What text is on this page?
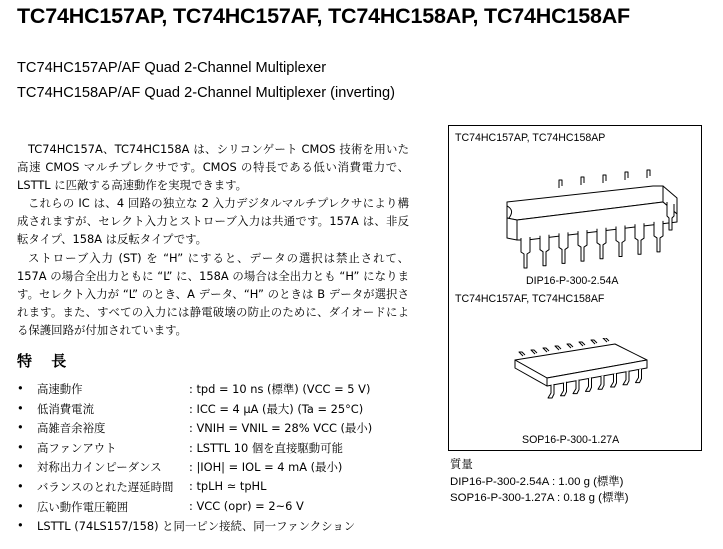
TC74HC157AP, TC74HC157AF, TC74HC158AP, TC74HC158AF
TC74HC157AP/AF Quad 2-Channel Multiplexer
TC74HC158AP/AF Quad 2-Channel Multiplexer (inverting)

TC74HC157A、TC74HC158A は、シリコンゲート CMOS 技術を用いた高速 CMOS マルチプレクサです。CMOS の特長である低い消費電力で、LSTTL に匹敵する高速動作を実現できます。

これらの IC は、4 回路の独立な 2 入力デジタルマルチプレクサにより構成されますが、セレクト入力とストローブ入力は共通です。157A は、非反転タイプ、158A は反転タイプです。

ストローブ入力 (ST) を “H” にすると、データの選択は禁止されて、157A の場合全出力ともに “L” に、158A の場合は全出力とも “H” になります。セレクト入力が “L” のとき、A データ、“H” のときは B データが選択されます。また、すべての入力には静電破壊の防止のために、ダイオードによる保護回路が付加されています。

特 長
• 高速動作	: tpd = 10 ns (標準) (VCC = 5 V)
• 低消費電流	: ICC = 4 μA (最大) (Ta = 25°C)
• 高雑音余裕度	: VNIH = VNIL = 28% VCC (最小)
• 高ファンアウト	: LSTTL 10 個を直接駆動可能
• 対称出力インピーダンス : |IOH| = IOL = 4 mA (最小)
• バランスのとれた遅延時間 : tpLH ≃ tpHL
• 広い動作電圧範囲	: VCC (opr) = 2~6 V
• LSTTL (74LS157/158) と同一ピン接続、同一ファンクション
TC74HC157AP, TC74HC158AP
DIP16-P-300-2.54A
TC74HC157AF, TC74HC158AF
SOP16-P-300-1.27A
質量
DIP16-P-300-2.54A : 1.00 g (標準)
SOP16-P-300-1.27A : 0.18 g (標準)
